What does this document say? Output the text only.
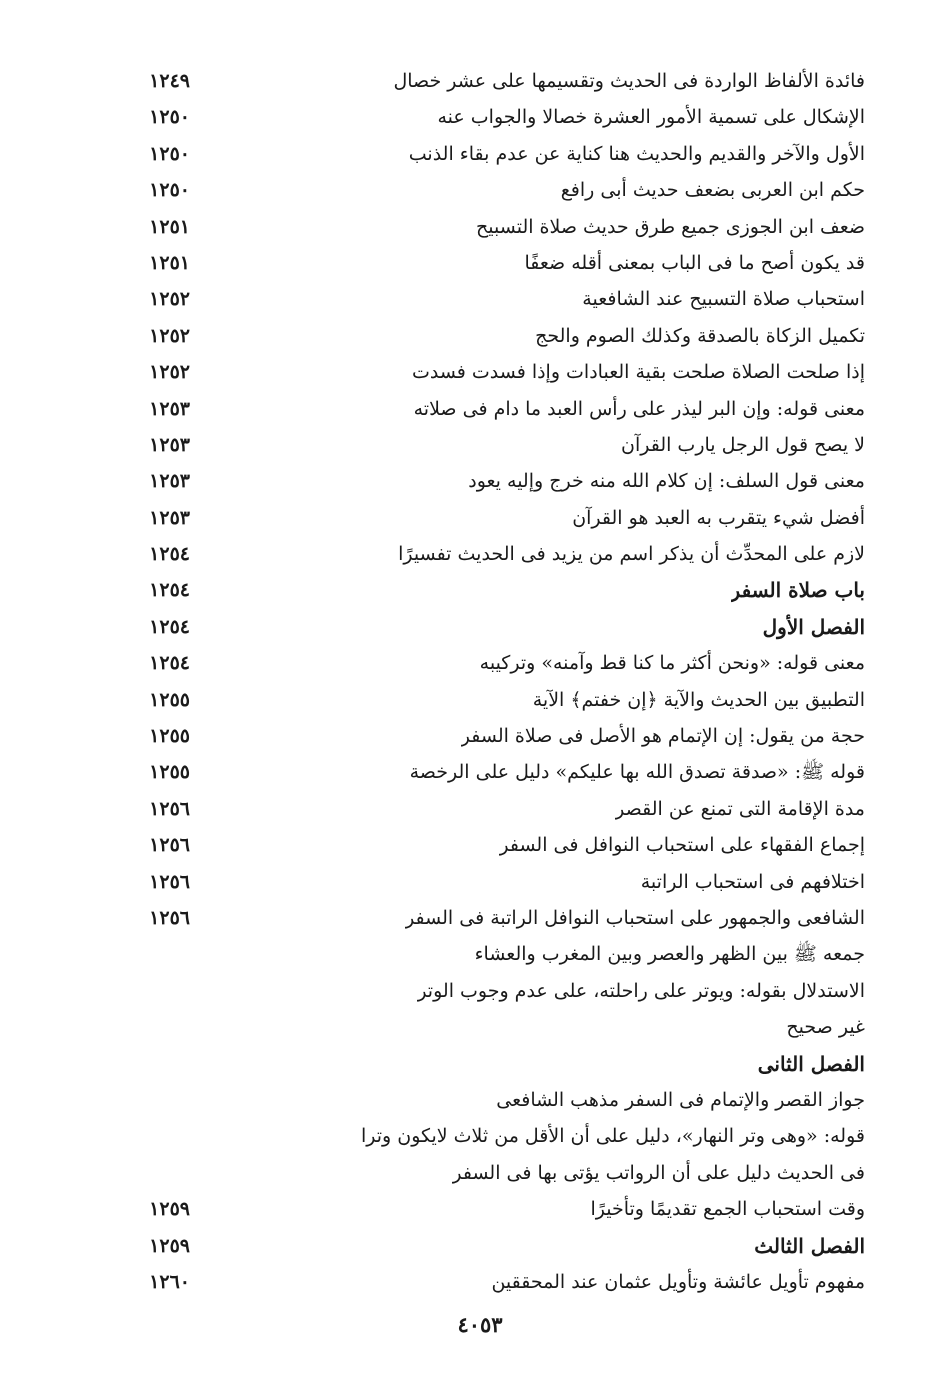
فائدة الألفاظ الواردة فى الحديث وتقسيمها على عشر خصال
١٢٤٩
الإشكال على تسمية الأمور العشرة خصالا والجواب عنه
١٢٥٠
الأول والآخر والقديم والحديث هنا كناية عن عدم بقاء الذنب
١٢٥٠
حكم ابن العربى بضعف حديث أبى رافع
١٢٥٠
ضعف ابن الجوزى جميع طرق حديث صلاة التسبيح
١٢٥١
قد يكون أصح ما فى الباب بمعنى أقله ضعفًا
١٢٥١
استحباب صلاة التسبيح عند الشافعية
١٢٥٢
تكميل الزكاة بالصدقة وكذلك الصوم والحج
١٢٥٢
إذا صلحت الصلاة صلحت بقية العبادات وإذا فسدت فسدت
١٢٥٢
معنى قوله: وإن البر ليذر على رأس العبد ما دام فى صلاته
١٢٥٣
لا يصح قول الرجل يارب القرآن
١٢٥٣
معنى قول السلف: إن كلام الله منه خرج وإليه يعود
١٢٥٣
أفضل شيء يتقرب به العبد هو القرآن
١٢٥٣
لازم على المحدِّث أن يذكر اسم من يزيد فى الحديث تفسيرًا
١٢٥٤
باب صلاة السفر
١٢٥٤
الفصل الأول
١٢٥٤
معنى قوله: «ونحن أكثر ما كنا قط وآمنه» وتركيبه
١٢٥٤
التطبيق بين الحديث والآية ﴿إن خفتم﴾ الآية
١٢٥٥
حجة من يقول: إن الإتمام هو الأصل فى صلاة السفر
١٢٥٥
قوله ﷺ: «صدقة تصدق الله بها عليكم» دليل على الرخصة
١٢٥٥
مدة الإقامة التى تمنع عن القصر
١٢٥٦
إجماع الفقهاء على استحباب النوافل فى السفر
١٢٥٦
اختلافهم فى استحباب الراتبة
١٢٥٦
الشافعى والجمهور على استحباب النوافل الراتبة فى السفر
١٢٥٦
جمعه ﷺ بين الظهر والعصر وبين المغرب والعشاء
الاستدلال بقوله: ويوتر على راحلته، على عدم وجوب الوتر
غير صحيح
الفصل الثانى
جواز القصر والإتمام فى السفر مذهب الشافعى
قوله: «وهى وتر النهار»، دليل على أن الأقل من ثلاث لايكون وترا
فى الحديث دليل على أن الرواتب يؤتى بها فى السفر
وقت استحباب الجمع تقديمًا وتأخيرًا
١٢٥٩
الفصل الثالث
١٢٥٩
مفهوم تأويل عائشة وتأويل عثمان عند المحققين
١٢٦٠
٤٠٥٣
